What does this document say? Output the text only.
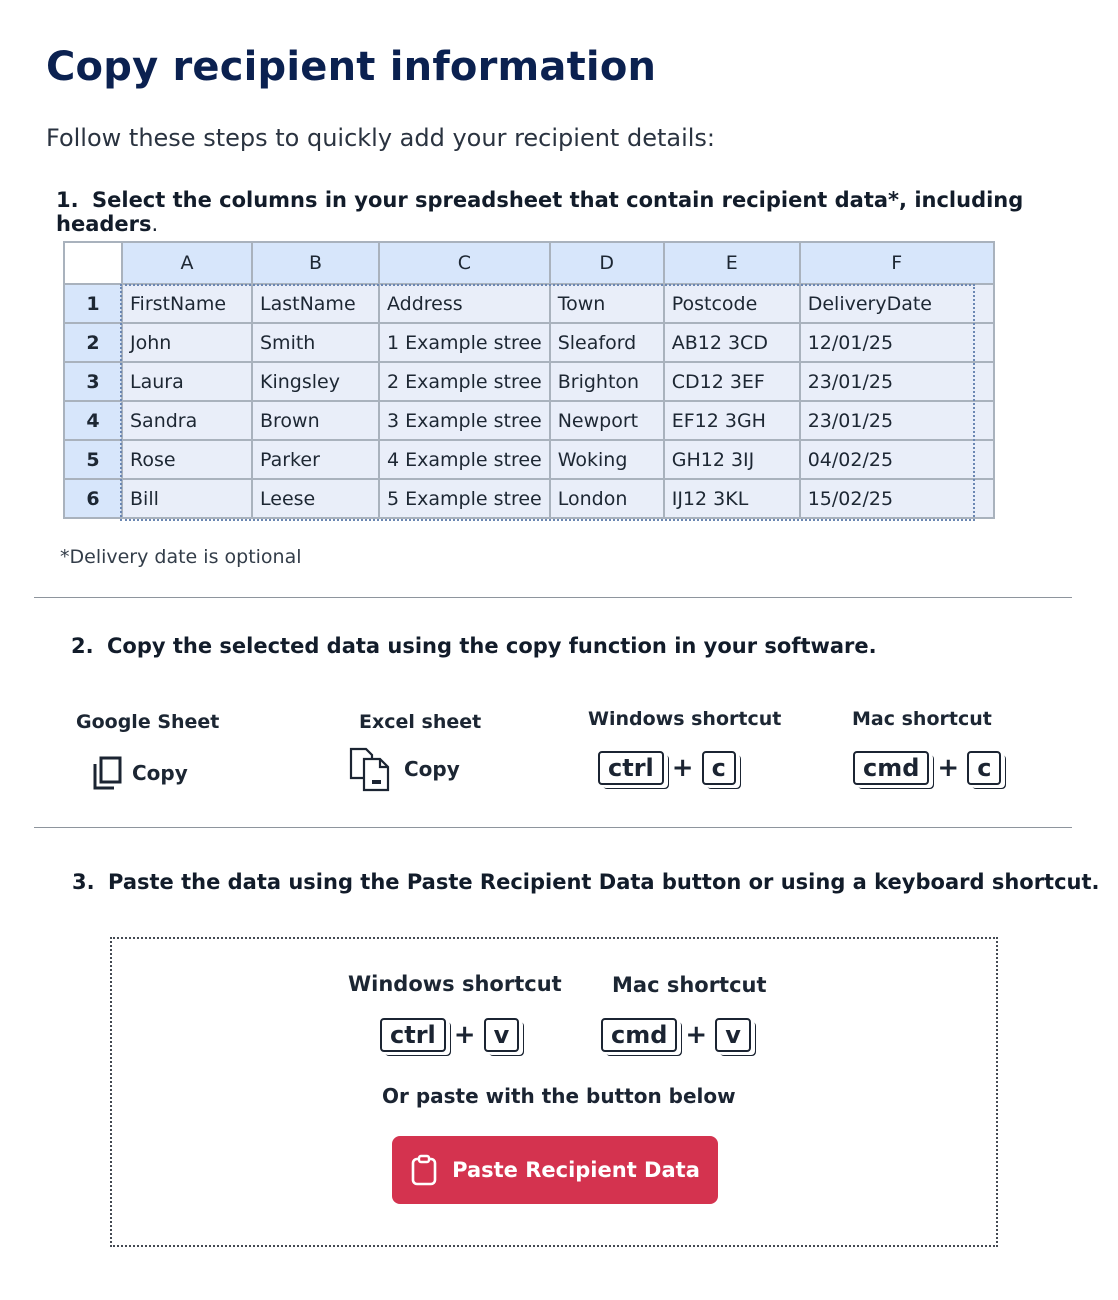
Copy recipient information

Follow these steps to quickly add your recipient details:

1. Select the columns in your spreadsheet that contain recipient data*, including headers.

	A	B	C	D	E	F
1	FirstName	LastName	Address	Town	Postcode	DeliveryDate
2	John	Smith	1 Example stree	Sleaford	AB12 3CD	12/01/25
3	Laura	Kingsley	2 Example stree	Brighton	CD12 3EF	23/01/25
4	Sandra	Brown	3 Example stree	Newport	EF12 3GH	23/01/25
5	Rose	Parker	4 Example stree	Woking	GH12 3IJ	04/02/25
6	Bill	Leese	5 Example stree	London	IJ12 3KL	15/02/25

*Delivery date is optional

2. Copy the selected data using the copy function in your software.

Google Sheet

Copy

Excel sheet

Copy

Windows shortcut

ctrl + c

Mac shortcut

cmd + c

3. Paste the data using the Paste Recipient Data button or using a keyboard shortcut.

Windows shortcut

ctrl + v

Mac shortcut

cmd + v

Or paste with the button below

Paste Recipient Data
